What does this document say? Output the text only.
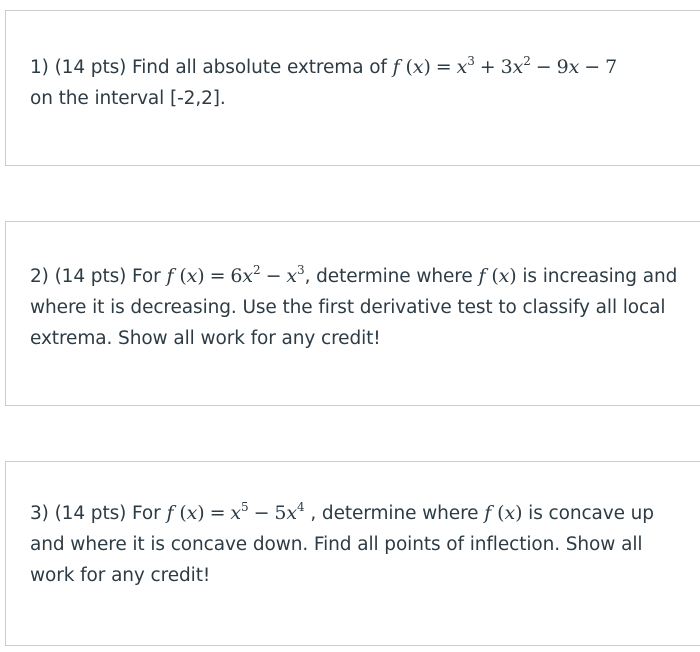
1) (14 pts) Find all absolute extrema of f $(x) = x^3 + 3x^2 - 9x - 7$
on the interval [-2,2].
2) (14 pts) For f $(x) = 6x^2 - x^3$, determine where f (x) is increasing and where it is decreasing. Use the first derivative test to classify all local extrema. Show all work for any credit!
3) (14 pts) For f $(x) = x^5 - 5x^4$ , determine where f (x) is concave up and where it is concave down. Find all points of inflection. Show all work for any credit!
